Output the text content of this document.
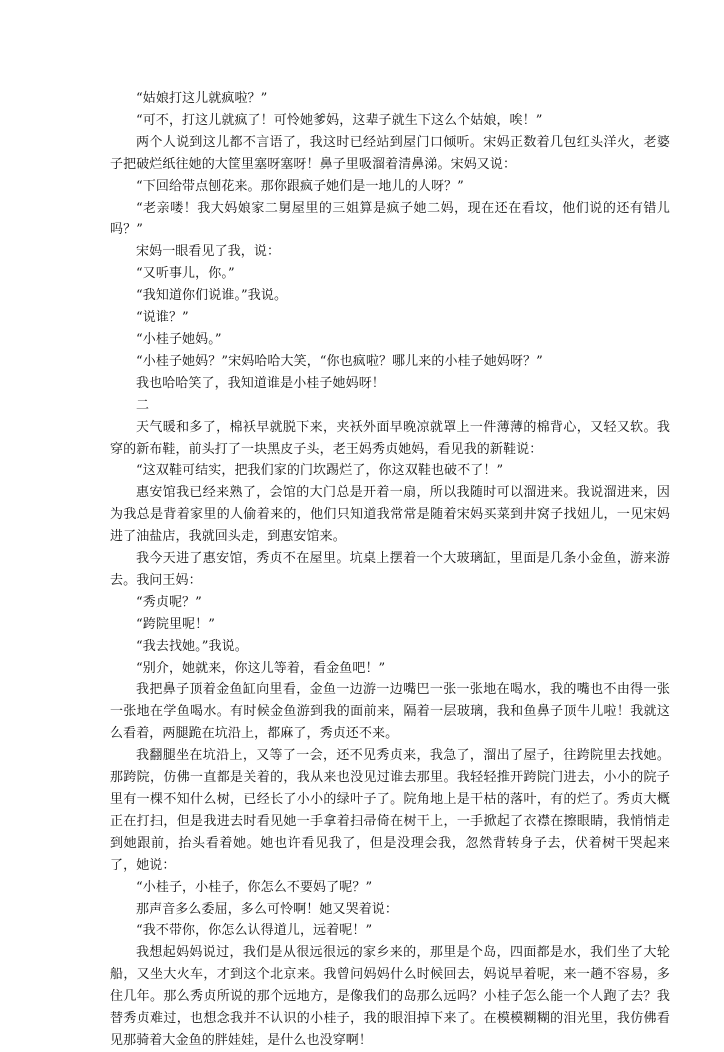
“姑娘打这儿就疯啦？”

“可不，打这儿就疯了！可怜她爹妈，这辈子就生下这么个姑娘，唉！”

两个人说到这儿都不言语了，我这时已经站到屋门口倾听。宋妈正数着几包红头洋火，老婆子把破烂纸往她的大筐里塞呀塞呀！鼻子里吸溜着清鼻涕。宋妈又说：

“下回给带点刨花来。那你跟疯子她们是一地儿的人呀？”

“老亲喽！我大妈娘家二舅屋里的三姐算是疯子她二妈，现在还在看坟，他们说的还有错儿吗？”

宋妈一眼看见了我，说：

“又听事儿，你。”

“我知道你们说谁。”我说。

“说谁？”

“小桂子她妈。”

“小桂子她妈？”宋妈哈哈大笑，“你也疯啦？哪儿来的小桂子她妈呀？”

我也哈哈笑了，我知道谁是小桂子她妈呀！

二

天气暖和多了，棉袄早就脱下来，夹袄外面早晚凉就罩上一件薄薄的棉背心，又轻又软。我穿的新布鞋，前头打了一块黑皮子头，老王妈秀贞她妈，看见我的新鞋说：

“这双鞋可结实，把我们家的门坎踢烂了，你这双鞋也破不了！”

惠安馆我已经来熟了，会馆的大门总是开着一扇，所以我随时可以溜进来。我说溜进来，因为我总是背着家里的人偷着来的，他们只知道我常常是随着宋妈买菜到井窝子找妞儿，一见宋妈进了油盐店，我就回头走，到惠安馆来。

我今天进了惠安馆，秀贞不在屋里。坑桌上摆着一个大玻璃缸，里面是几条小金鱼，游来游去。我问王妈：

“秀贞呢？”

“跨院里呢！”

“我去找她。”我说。

“别介，她就来，你这儿等着，看金鱼吧！”

我把鼻子顶着金鱼缸向里看，金鱼一边游一边嘴巴一张一张地在喝水，我的嘴也不由得一张一张地在学鱼喝水。有时候金鱼游到我的面前来，隔着一层玻璃，我和鱼鼻子顶牛儿啦！我就这么看着，两腿跪在坑沿上，都麻了，秀贞还不来。

我翻腿坐在坑沿上，又等了一会，还不见秀贞来，我急了，溜出了屋子，往跨院里去找她。那跨院，仿佛一直都是关着的，我从来也没见过谁去那里。我轻轻推开跨院门进去，小小的院子里有一棵不知什么树，已经长了小小的绿叶子了。院角地上是干枯的落叶，有的烂了。秀贞大概正在打扫，但是我进去时看见她一手拿着扫帚倚在树干上，一手掀起了衣襟在擦眼睛，我悄悄走到她跟前，抬头看着她。她也许看见我了，但是没理会我，忽然背转身子去，伏着树干哭起来了，她说：

“小桂子，小桂子，你怎么不要妈了呢？”

那声音多么委屈，多么可怜啊！她又哭着说：

“我不带你，你怎么认得道儿，远着呢！”

我想起妈妈说过，我们是从很远很远的家乡来的，那里是个岛，四面都是水，我们坐了大轮船，又坐大火车，才到这个北京来。我曾问妈妈什么时候回去，妈说早着呢，来一趟不容易，多住几年。那么秀贞所说的那个远地方，是像我们的岛那么远吗？小桂子怎么能一个人跑了去？我替秀贞难过，也想念我并不认识的小桂子，我的眼泪掉下来了。在模模糊糊的泪光里，我仿佛看见那骑着大金鱼的胖娃娃，是什么也没穿啊！
